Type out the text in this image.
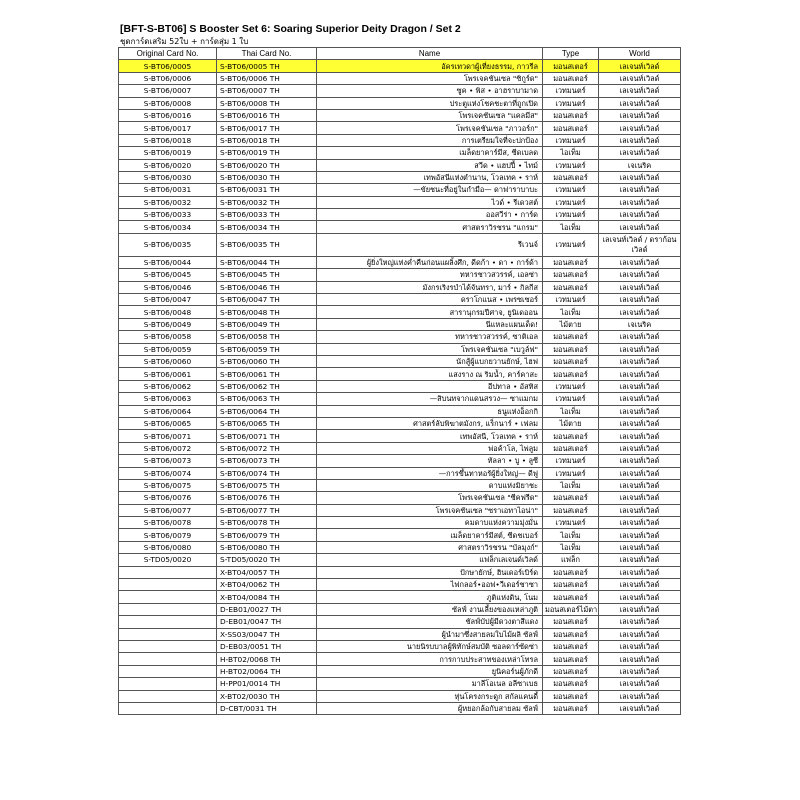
[BFT-S-BT06] S Booster Set 6: Soaring Superior Deity Dragon / Set 2
ชุดการ์ดเสริม 52ใบ + การ์ดสุ่ม 1 ใบ
Original Card No.	Thai Card No.	Name	Type	World
S-BT06/0005	S-BT06/0005 TH	อัครเทวดาผู้เที่ยงธรรม, กาวรีล	มอนสเตอร์	เลเจนท์เวิลด์
S-BT06/0006	S-BT06/0006 TH	โพรเจคชันเซล "ซิกูร์ด"	มอนสเตอร์	เลเจนท์เวิลด์
S-BT06/0007	S-BT06/0007 TH	ซูค • พิส • อาฮราบามาด	เวทมนตร์	เลเจนท์เวิลด์
S-BT06/0008	S-BT06/0008 TH	ประตูแห่งโชคชะตาที่ถูกเปิด	เวทมนตร์	เลเจนท์เวิลด์
S-BT06/0016	S-BT06/0016 TH	โพรเจคชันเซล "แคลมีส"	มอนสเตอร์	เลเจนท์เวิลด์
S-BT06/0017	S-BT06/0017 TH	โพรเจคชันเซล "ภาวอร์ก"	มอนสเตอร์	เลเจนท์เวิลด์
S-BT06/0018	S-BT06/0018 TH	การเตรียมใจที่จะปกป้อง	เวทมนตร์	เลเจนท์เวิลด์
S-BT06/0019	S-BT06/0019 TH	เมล็ดยาคาร์มีส, ซีดเบลด	ไอเท็ม	เลเจนท์เวิลด์
S-BT06/0020	S-BT06/0020 TH	สวีด • แฮปปี้ • ไทม์	เวทมนตร์	เจเนริค
S-BT06/0030	S-BT06/0030 TH	เทพอัสนีแห่งตำนาน, โวลเทค • ราห์	มอนสเตอร์	เลเจนท์เวิลด์
S-BT06/0031	S-BT06/0031 TH	—ขัยชนะที่อยู่ในกำมือ— ดาฟาราบาบะ	เวทมนตร์	เลเจนท์เวิลด์
S-BT06/0032	S-BT06/0032 TH	ไวด์ • รีเดวสต์	เวทมนตร์	เลเจนท์เวิลด์
S-BT06/0033	S-BT06/0033 TH	ออสวีร่า • การ์ด	เวทมนตร์	เลเจนท์เวิลด์
S-BT06/0034	S-BT06/0034 TH	ศาสตราวิรชรน "แกรม"	ไอเท็ม	เลเจนท์เวิลด์
S-BT06/0035	S-BT06/0035 TH	รีเวนจ์	เวทมนตร์	เลเจนท์เวิลด์ / ดราก้อนเวิลด์
S-BT06/0044	S-BT06/0044 TH	ผู้ยิ่งใหญ่แห่งค่ำคืนก่อนแผลิ้งศึก, ดีดก้า • ดา • การ์ด้า	มอนสเตอร์	เลเจนท์เวิลด์
S-BT06/0045	S-BT06/0045 TH	ทหารชาวสวรรค์, เอลซ่า	มอนสเตอร์	เลเจนท์เวิลด์
S-BT06/0046	S-BT06/0046 TH	มังกรเริงรบำได้จันทรา, มาร์ • กิลกีส	มอนสเตอร์	เลเจนท์เวิลด์
S-BT06/0047	S-BT06/0047 TH	ดราโกแนส • เพรซเซอร์	เวทมนตร์	เลเจนท์เวิลด์
S-BT06/0048	S-BT06/0048 TH	สารานุกรมปีศาจ, ยูนิเดออน	ไอเท็ม	เลเจนท์เวิลด์
S-BT06/0049	S-BT06/0049 TH	นีแหละแผนเด็ด!	ไม้ตาย	เจเนริค
S-BT06/0058	S-BT06/0058 TH	ทหารชาวสวรรค์, ซาติเอล	มอนสเตอร์	เลเจนท์เวิลด์
S-BT06/0059	S-BT06/0059 TH	โพรเจคชันเซล "เบวูล์ฟ"	มอนสเตอร์	เลเจนท์เวิลด์
S-BT06/0060	S-BT06/0060 TH	นักสู้ผู้แบกยวานยักษ์, ไฮฟ	มอนสเตอร์	เลเจนท์เวิลด์
S-BT06/0061	S-BT06/0061 TH	แสงราง ณ ริมน้ำ, คาร์คาสะ	มอนสเตอร์	เลเจนท์เวิลด์
S-BT06/0062	S-BT06/0062 TH	อีปทาล • อัสทิส	เวทมนตร์	เลเจนท์เวิลด์
S-BT06/0063	S-BT06/0063 TH	—สิบนทจากแดนสรวง— ซาแมกม	เวทมนตร์	เลเจนท์เวิลด์
S-BT06/0064	S-BT06/0064 TH	ธนูแห่งอ็อกกิ	ไอเท็ม	เลเจนท์เวิลด์
S-BT06/0065	S-BT06/0065 TH	ศาสตร์ลับพิฆาตมังกร, แร็กนาร์ • เฟลม	ไม้ตาย	เลเจนท์เวิลด์
S-BT06/0071	S-BT06/0071 TH	เทพอัสนี, โวลเทค • ราห์	มอนสเตอร์	เลเจนท์เวิลด์
S-BT06/0072	S-BT06/0072 TH	พ่อค้าโล, ไพ่ลูม	มอนสเตอร์	เลเจนท์เวิลด์
S-BT06/0073	S-BT06/0073 TH	ทัลลา • บู • ลูซี	เวทมนตร์	เลเจนท์เวิลด์
S-BT06/0074	S-BT06/0074 TH	—การขึ้นทาหอรัผู้ยิ่งใหญ่— ดีฟู	เวทมนตร์	เลเจนท์เวิลด์
S-BT06/0075	S-BT06/0075 TH	ดาบแห่งมิยาชะ	ไอเท็ม	เลเจนท์เวิลด์
S-BT06/0076	S-BT06/0076 TH	โพรเจคชันเซล "ซีคฟรีด"	มอนสเตอร์	เลเจนท์เวิลด์
S-BT06/0077	S-BT06/0077 TH	โพรเจคชันเซล "ซราเอทาไอน่า"	มอนสเตอร์	เลเจนท์เวิลด์
S-BT06/0078	S-BT06/0078 TH	คมดาบแห่งความมุ่งมั่น	เวทมนตร์	เลเจนท์เวิลด์
S-BT06/0079	S-BT06/0079 TH	เมล็ดยาคาร์มีสต์, ซีดชเบอร์	ไอเท็ม	เลเจนท์เวิลด์
S-BT06/0080	S-BT06/0080 TH	ศาสตราวิรชรน "บัลมุงก์"	ไอเท็ม	เลเจนท์เวิลด์
S-TD05/0020	S-TD05/0020 TH	แฟล็กเลเจนด์เวิลด์	แฟล็ก	เลเจนท์เวิลด์
	X-BT04/0057 TH	ปักษายักษ์, ฮินเดอร์เบิร์ด	มอนสเตอร์	เลเจนท์เวิลด์
	X-BT04/0062 TH	ไฟกลอร์•ออฟ•วีเดอร์ชาซา	มอนสเตอร์	เลเจนท์เวิลด์
	X-BT04/0084 TH	ภูติแห่งดิน, โนม	มอนสเตอร์	เลเจนท์เวิลด์
	D-EB01/0027 TH	ซัลฟ์ งานเลี้ยงของแหล่าภูติ	มอนสเตอร์ไม้ตา	เลเจนท์เวิลด์
	D-EB01/0047 TH	ชัลฟ์บัปผู้มีดวงตาสีแดง	มอนสเตอร์	เลเจนท์เวิลด์
	X-SS03/0047 TH	ผู้นำมาซึ่งสายลมใบไม้ผลิ ซัลฟ์	มอนสเตอร์	เลเจนท์เวิลด์
	D-EB03/0051 TH	นายนิรบบาลผู้พิทักษ์สมบัติ ซอลดาร์ซัดซ่า	มอนสเตอร์	เลเจนท์เวิลด์
	H-BT02/0068 TH	การกาบประสาทของเหล่าโทรล	มอนสเตอร์	เลเจนท์เวิลด์
	H-BT02/0064 TH	ยูนิคอร์นผู้ภักดี	มอนสเตอร์	เลเจนท์เวิลด์
	H-PP01/0014 TH	มาลีโอเนล อลีซาเบธ	มอนสเตอร์	เลเจนท์เวิลด์
	X-BT02/0030 TH	หุ่นโครงกระดูก สกัลแคนดี้	มอนสเตอร์	เลเจนท์เวิลด์
	D-CBT/0031 TH	ผู้หยอกล้อกับสายลม ซัลฟ์	มอนสเตอร์	เลเจนท์เวิลด์
